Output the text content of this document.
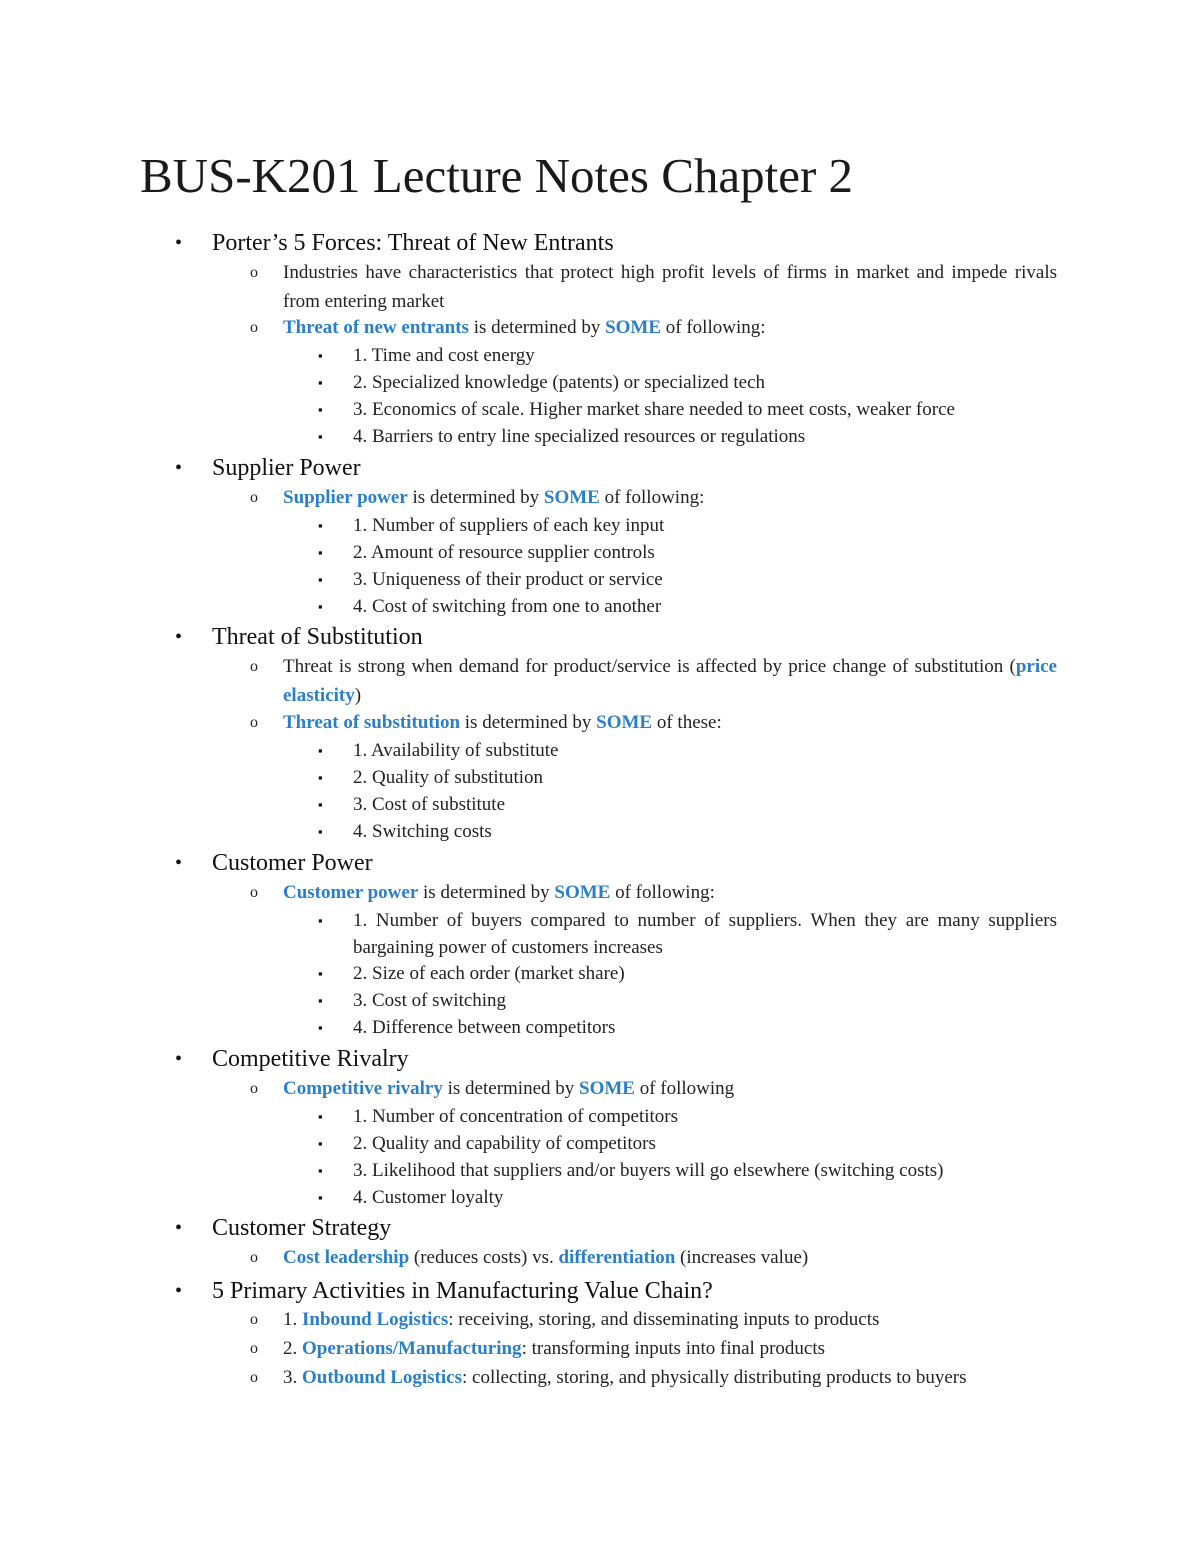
BUS-K201 Lecture Notes Chapter 2
• Porter’s 5 Forces: Threat of New Entrants
o Industries have characteristics that protect high profit levels of firms in market and impede rivals from entering market
o Threat of new entrants is determined by SOME of following:
▪ 1. Time and cost energy
▪ 2. Specialized knowledge (patents) or specialized tech
▪ 3. Economics of scale. Higher market share needed to meet costs, weaker force
▪ 4. Barriers to entry line specialized resources or regulations
• Supplier Power
o Supplier power is determined by SOME of following:
▪ 1. Number of suppliers of each key input
▪ 2. Amount of resource supplier controls
▪ 3. Uniqueness of their product or service
▪ 4. Cost of switching from one to another
• Threat of Substitution
o Threat is strong when demand for product/service is affected by price change of substitution (price elasticity)
o Threat of substitution is determined by SOME of these:
▪ 1. Availability of substitute
▪ 2. Quality of substitution
▪ 3. Cost of substitute
▪ 4. Switching costs
• Customer Power
o Customer power is determined by SOME of following:
▪ 1. Number of buyers compared to number of suppliers. When they are many suppliers bargaining power of customers increases
▪ 2. Size of each order (market share)
▪ 3. Cost of switching
▪ 4. Difference between competitors
• Competitive Rivalry
o Competitive rivalry is determined by SOME of following
▪ 1. Number of concentration of competitors
▪ 2. Quality and capability of competitors
▪ 3. Likelihood that suppliers and/or buyers will go elsewhere (switching costs)
▪ 4. Customer loyalty
• Customer Strategy
o Cost leadership (reduces costs) vs. differentiation (increases value)
• 5 Primary Activities in Manufacturing Value Chain?
o 1. Inbound Logistics: receiving, storing, and disseminating inputs to products
o 2. Operations/Manufacturing: transforming inputs into final products
o 3. Outbound Logistics: collecting, storing, and physically distributing products to buyers
